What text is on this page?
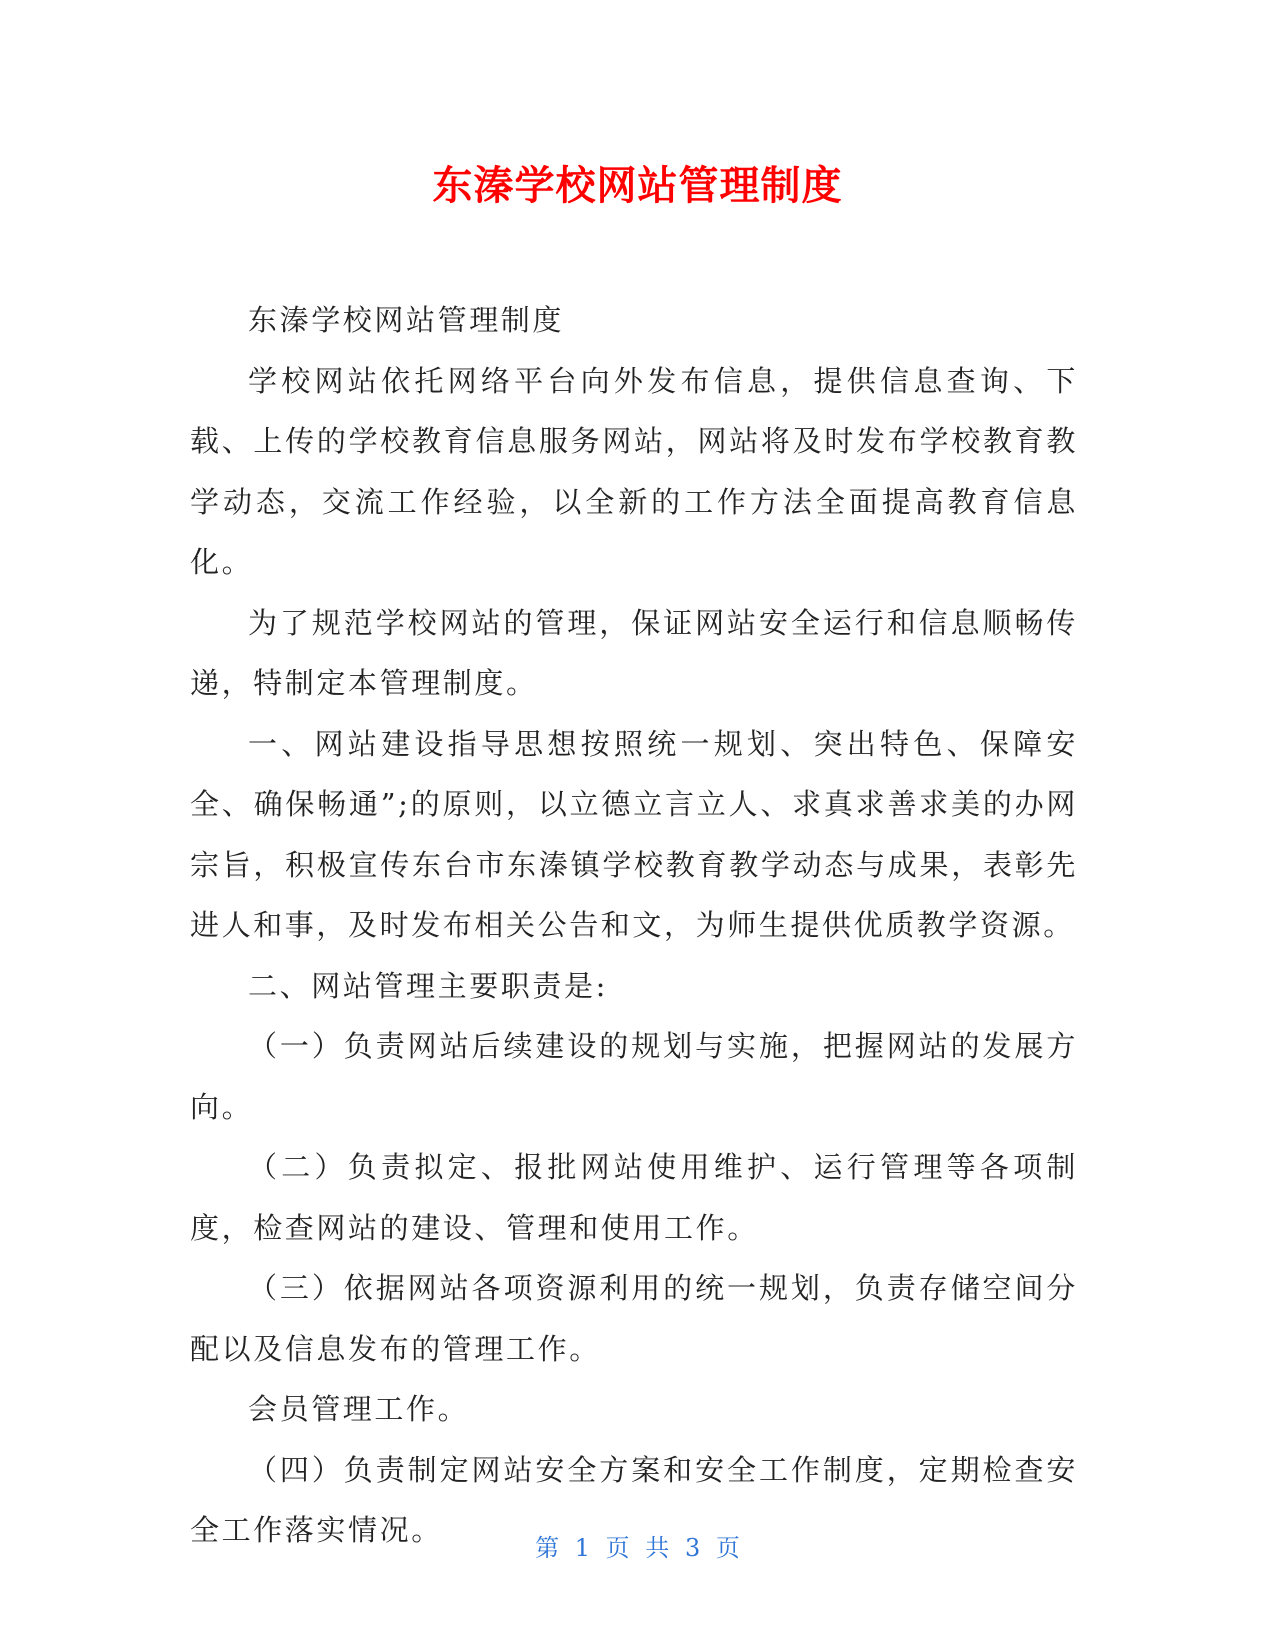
东溱学校网站管理制度

东溱学校网站管理制度

学校网站依托网络平台向外发布信息，提供信息查询、下载、上传的学校教育信息服务网站，网站将及时发布学校教育教学动态，交流工作经验，以全新的工作方法全面提高教育信息化。

为了规范学校网站的管理，保证网站安全运行和信息顺畅传递，特制定本管理制度。

一、网站建设指导思想按照统一规划、突出特色、保障安全、确保畅通”;的原则，以立德立言立人、求真求善求美的办网宗旨，积极宣传东台市东溱镇学校教育教学动态与成果，表彰先进人和事，及时发布相关公告和文，为师生提供优质教学资源。

二、网站管理主要职责是:

（一）负责网站后续建设的规划与实施，把握网站的发展方向。

（二）负责拟定、报批网站使用维护、运行管理等各项制度，检查网站的建设、管理和使用工作。

（三）依据网站各项资源利用的统一规划，负责存储空间分配以及信息发布的管理工作。

会员管理工作。

（四）负责制定网站安全方案和安全工作制度，定期检查安全工作落实情况。

第 1 页 共 3 页
